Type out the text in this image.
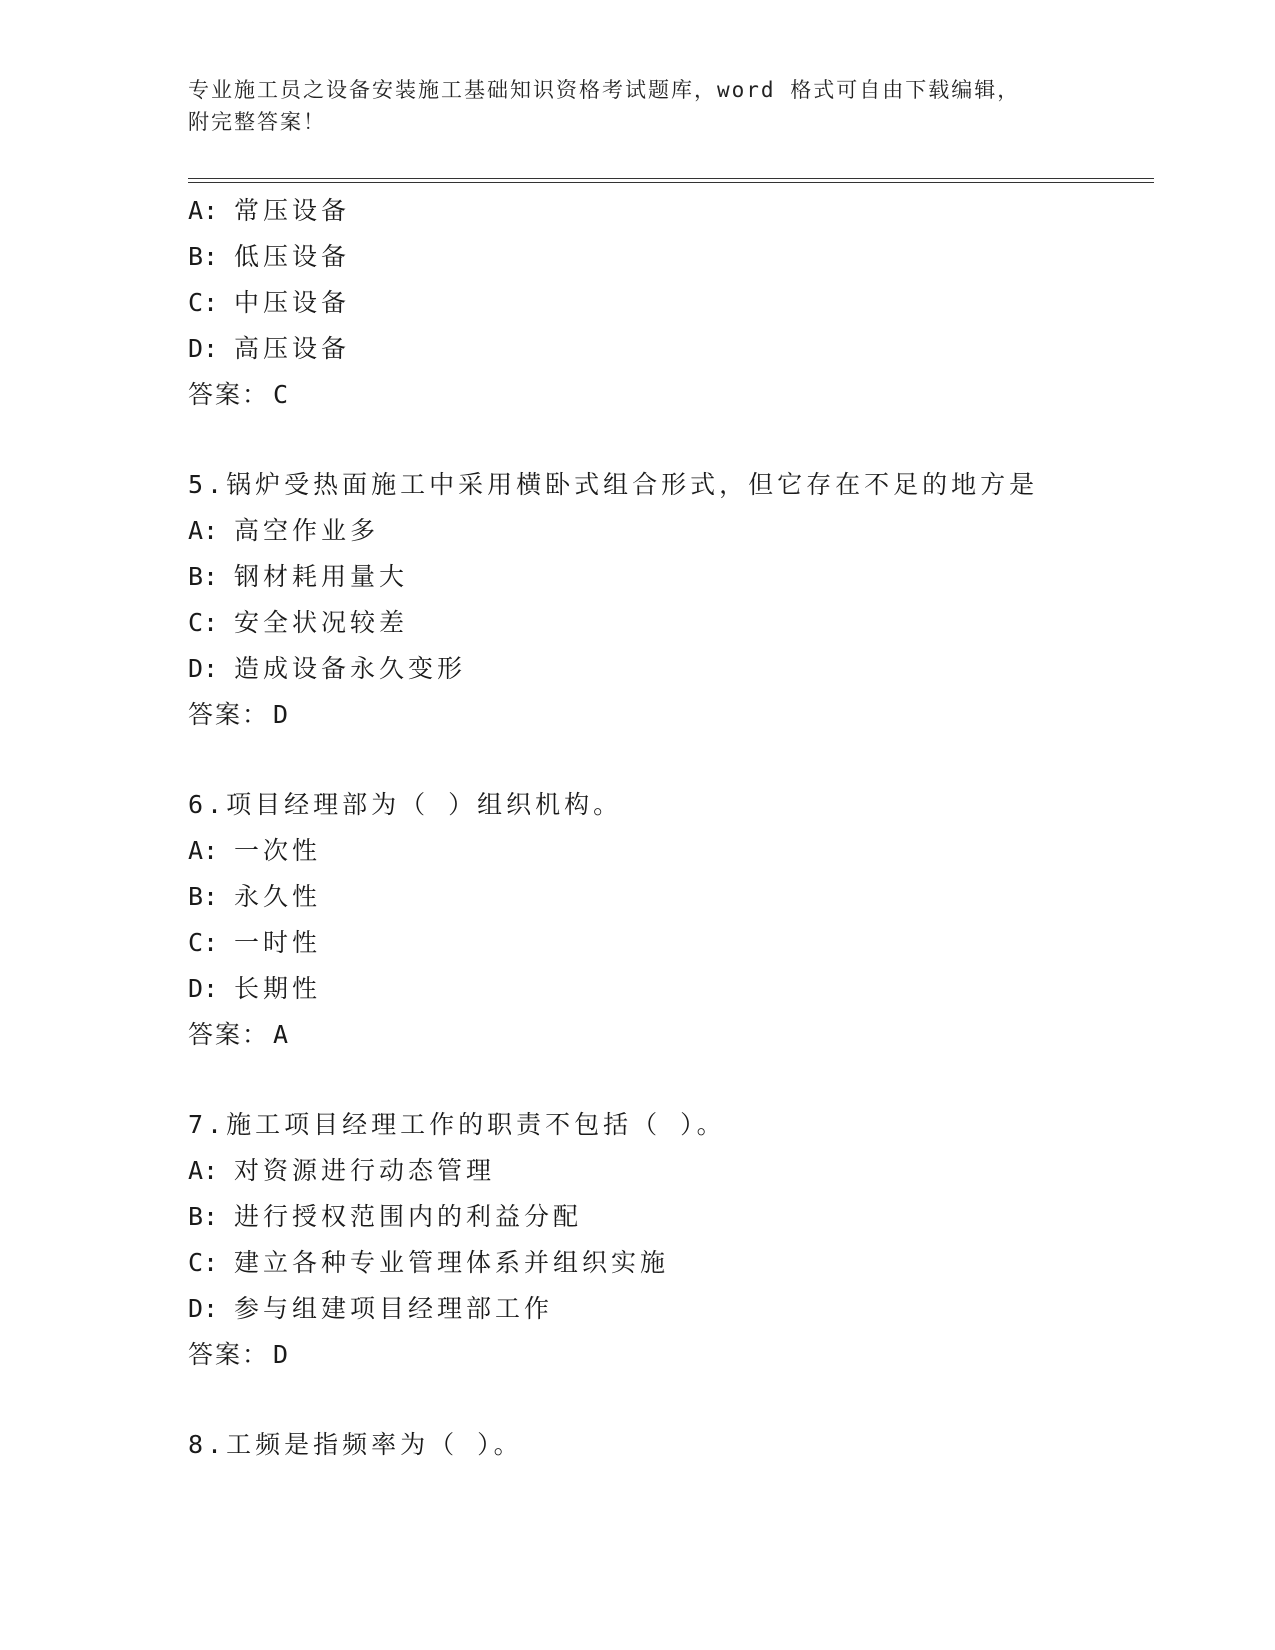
专业施工员之设备安装施工基础知识资格考试题库，word 格式可自由下载编辑，
附完整答案！
A: 常压设备
B: 低压设备
C: 中压设备
D: 高压设备
答案： C
5.锅炉受热面施工中采用横卧式组合形式，但它存在不足的地方是
A: 高空作业多
B: 钢材耗用量大
C: 安全状况较差
D: 造成设备永久变形
答案： D
6.项目经理部为（ ）组织机构。
A: 一次性
B: 永久性
C: 一时性
D: 长期性
答案： A
7.施工项目经理工作的职责不包括（ ）。
A: 对资源进行动态管理
B: 进行授权范围内的利益分配
C: 建立各种专业管理体系并组织实施
D: 参与组建项目经理部工作
答案： D
8.工频是指频率为（ ）。
